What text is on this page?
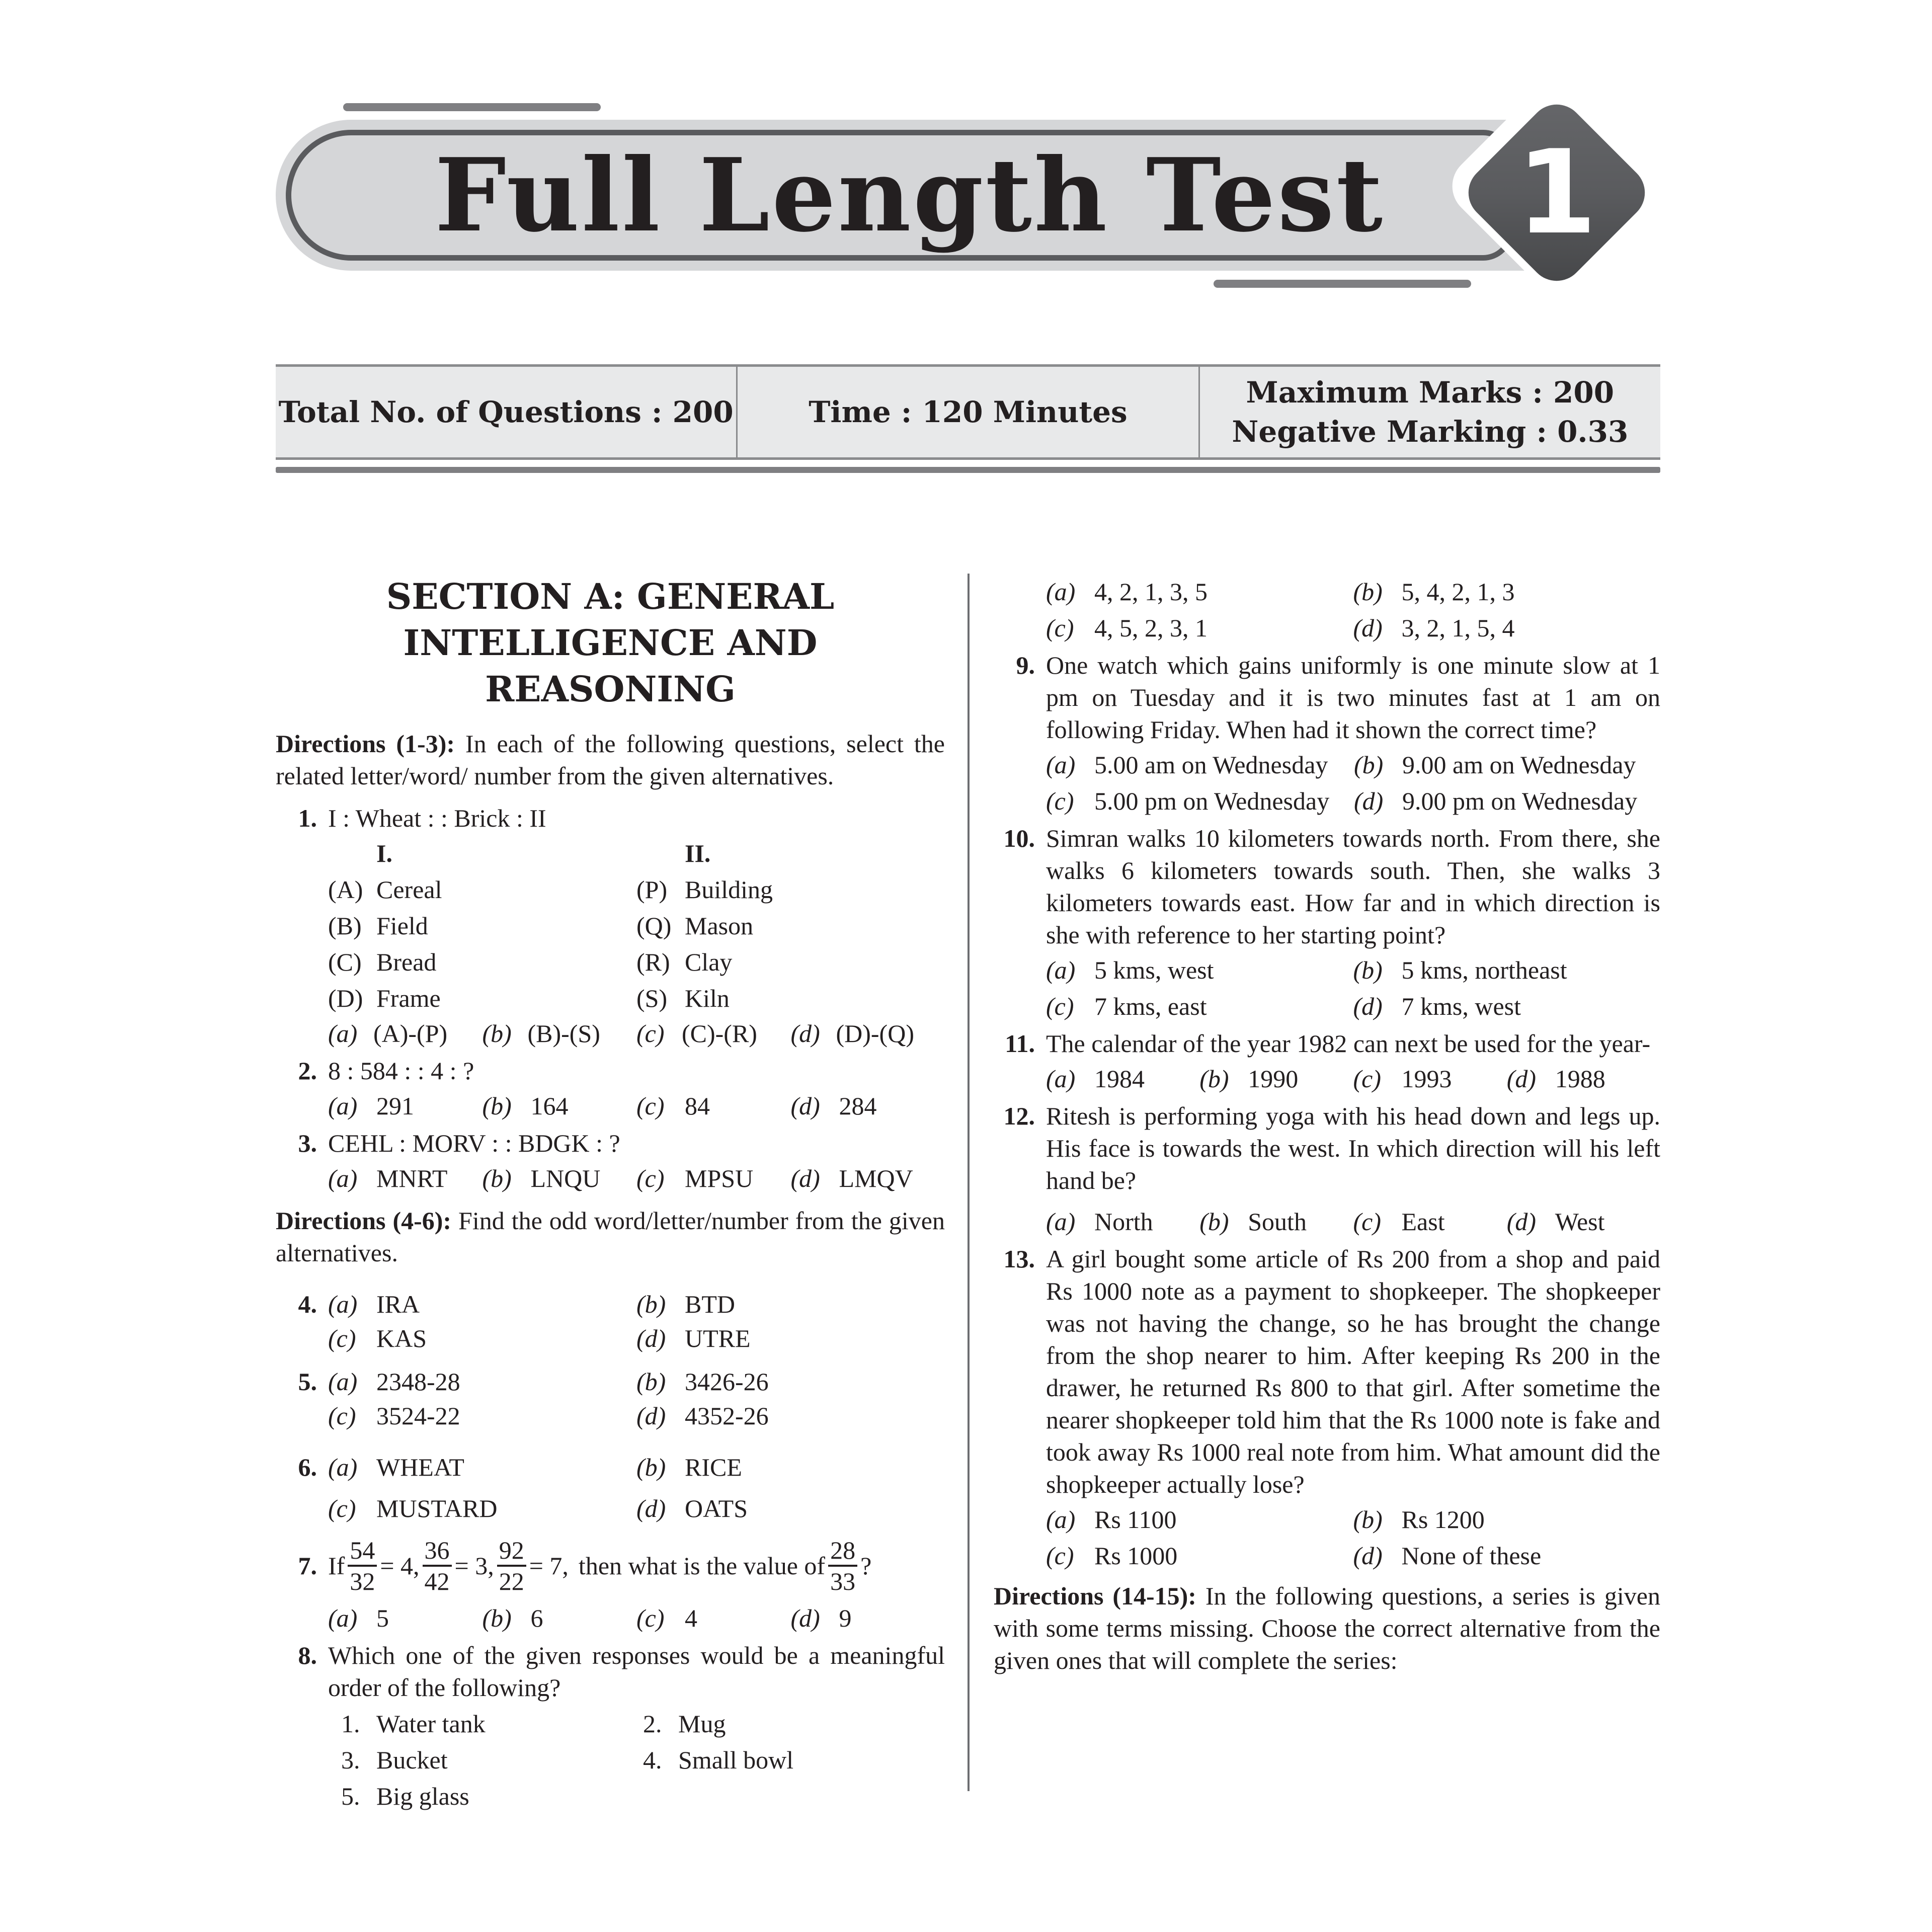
Full Length Test	1
Total No. of Questions : 200	Time : 120 Minutes
Maximum Marks : 200
Negative Marking : 0.33
SECTION A: GENERAL
INTELLIGENCE AND REASONING

Directions (1-3): In each of the following questions, select the related letter/word/ number from the given alternatives.

1. I : Wheat : : Brick : II
I.	II.
(A) Cereal	(P) Building
(B) Field	(Q) Mason
(C) Bread	(R) Clay
(D) Frame	(S) Kiln
(a) (A)-(P)	(b) (B)-(S)	(c) (C)-(R)	(d) (D)-(Q)
2. 8 : 584 : : 4 : ?
(a) 291	(b) 164	(c) 84	(d) 284
3. CEHL : MORV : : BDGK : ?
(a) MNRT	(b) LNQU	(c) MPSU	(d) LMQV

Directions (4-6): Find the odd word/letter/number from the given alternatives.

4. (a) IRA	(b) BTD
(c) KAS	(d) UTRE
5. (a) 2348-28	(b) 3426-26
(c) 3524-22	(d) 4352-26
6. (a) WHEAT	(b) RICE
(c) MUSTARD	(d) OATS
7. If $\frac{54}{32} = 4$, $\frac{36}{42} = 3$, $\frac{92}{22} = 7$, then what is the value of $\frac{28}{33}$ ?
(a) 5	(b) 6	(c) 4	(d) 9
8. Which one of the given responses would be a meaningful order of the following?
1. Water tank	2. Mug
3. Bucket	4. Small bowl
5. Big glass
(a) 4, 2, 1, 3, 5	(b) 5, 4, 2, 1, 3
(c) 4, 5, 2, 3, 1	(d) 3, 2, 1, 5, 4
9. One watch which gains uniformly is one minute slow at 1 pm on Tuesday and it is two minutes fast at 1 am on following Friday. When had it shown the correct time?
(a) 5.00 am on Wednesday	(b) 9.00 am on Wednesday
(c) 5.00 pm on Wednesday (d) 9.00 pm on Wednesday
10. Simran walks 10 kilometers towards north. From there, she walks 6 kilometers towards south. Then, she walks 3 kilometers towards east. How far and in which direction is she with reference to her starting point?
(a) 5 kms, west	(b) 5 kms, northeast
(c) 7 kms, east	(d) 7 kms, west
11. The calendar of the year 1982 can next be used for the year-
(a) 1984	(b) 1990	(c) 1993	(d) 1988
12. Ritesh is performing yoga with his head down and legs up. His face is towards the west. In which direction will his left hand be?
(a) North	(b) South	(c) East	(d) West
13. A girl bought some article of Rs 200 from a shop and paid Rs 1000 note as a payment to shopkeeper. The shopkeeper was not having the change, so he has brought the change from the shop nearer to him. After keeping Rs 200 in the drawer, he returned Rs 800 to that girl. After sometime the nearer shopkeeper told him that the Rs 1000 note is fake and took away Rs 1000 real note from him. What amount did the shopkeeper actually lose?
(a) Rs 1100	(b) Rs 1200
(c) Rs 1000	(d) None of these

Directions (14-15): In the following questions, a series is given with some terms missing. Choose the correct alternative from the given ones that will complete the series:
